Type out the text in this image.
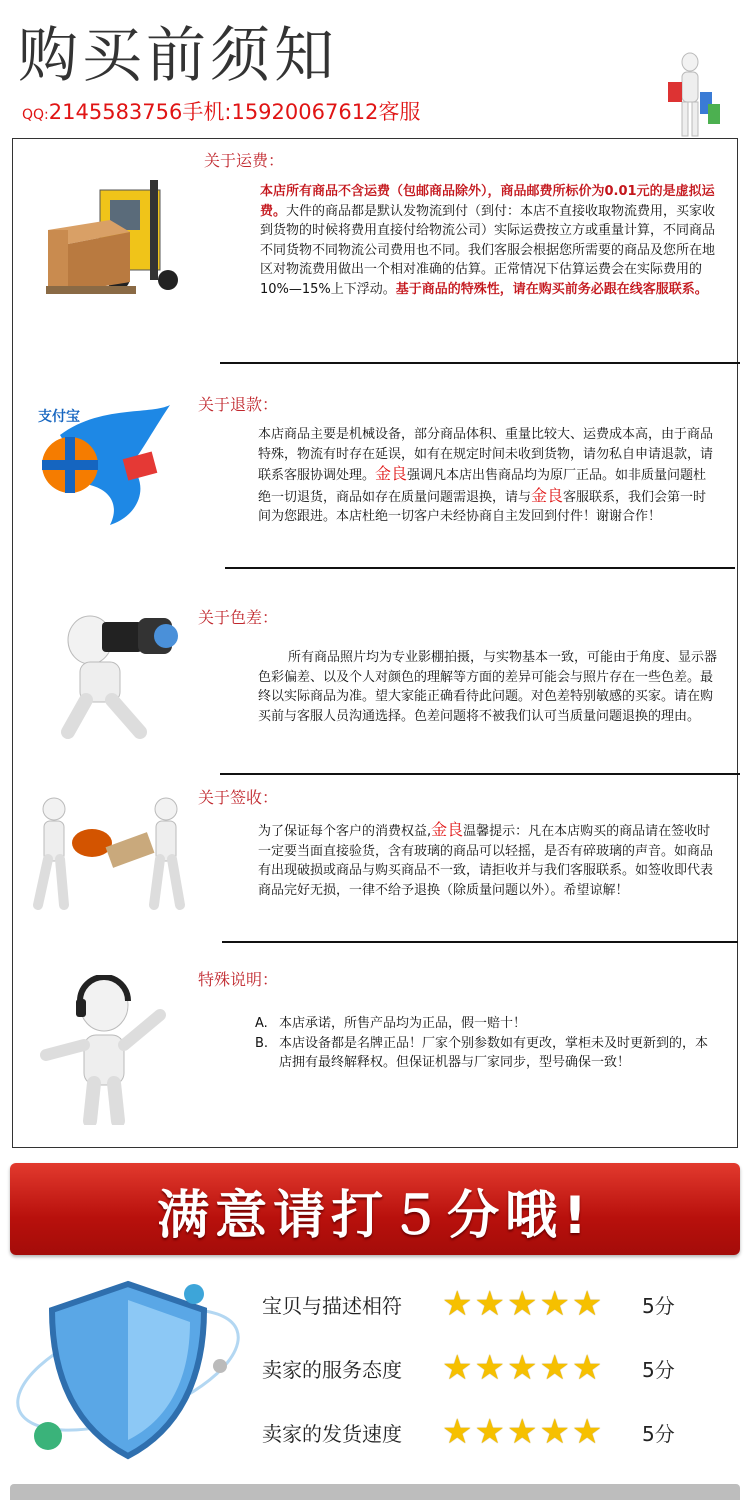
购买前须知
QQ:2145583756手机:15920067612客服
关于运费：
本店所有商品不含运费（包邮商品除外），商品邮费所标价为0.01元的是虚拟运费。大件的商品都是默认发物流到付（到付：本店不直接收取物流费用，买家收到货物的时候将费用直接付给物流公司）实际运费按立方或重量计算，不同商品不同货物不同物流公司费用也不同。我们客服会根据您所需要的商品及您所在地区对物流费用做出一个相对准确的估算。正常情况下估算运费会在实际费用的10%—15%上下浮动。基于商品的特殊性，请在购买前务必跟在线客服联系。
支付宝
关于退款：
本店商品主要是机械设备，部分商品体积、重量比较大、运费成本高，由于商品特殊，物流有时存在延误，如有在规定时间未收到货物，请勿私自申请退款，请联系客服协调处理。金良强调凡本店出售商品均为原厂正品。如非质量问题杜绝一切退货，商品如存在质量问题需退换，请与金良客服联系，我们会第一时间为您跟进。本店杜绝一切客户未经协商自主发回到付件！谢谢合作！
关于色差：
所有商品照片均为专业影棚拍摄，与实物基本一致，可能由于角度、显示器色彩偏差、以及个人对颜色的理解等方面的差异可能会与照片存在一些色差。最终以实际商品为准。望大家能正确看待此问题。对色差特别敏感的买家。请在购买前与客服人员沟通选择。色差问题将不被我们认可当质量问题退换的理由。
关于签收：
为了保证每个客户的消费权益,金良温馨提示：凡在本店购买的商品请在签收时一定要当面直接验货，含有玻璃的商品可以轻摇，是否有碎玻璃的声音。如商品有出现破损或商品与购买商品不一致，请拒收并与我们客服联系。如签收即代表商品完好无损，一律不给予退换（除质量问题以外）。希望谅解！
特殊说明：
A. 本店承诺，所售产品均为正品，假一赔十！
B. 本店设备都是名牌正品！厂家个别参数如有更改，掌柜未及时更新到的，本店拥有最终解释权。但保证机器与厂家同步，型号确保一致！
满意请打５分哦!
宝贝与描述相符 ★★★★★ 5分
卖家的服务态度 ★★★★★ 5分
卖家的发货速度 ★★★★★ 5分
